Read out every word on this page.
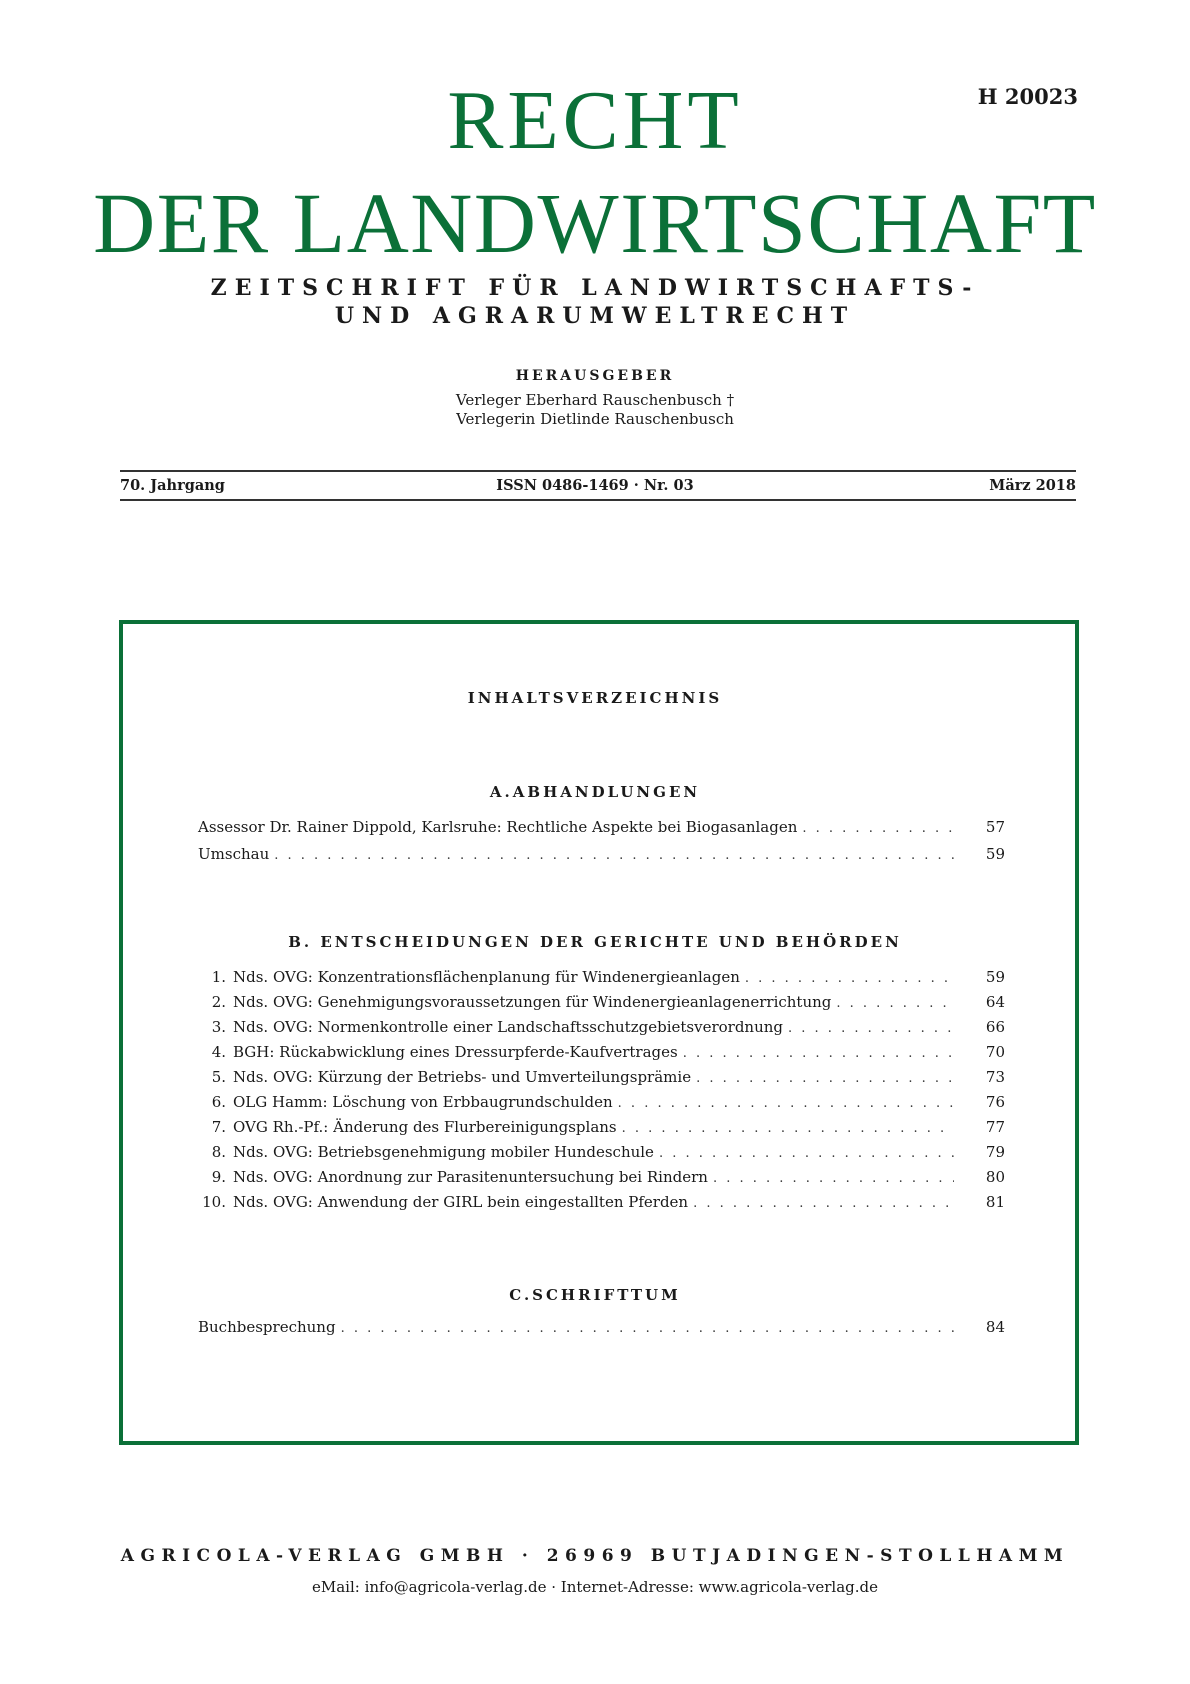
H 20023
RECHT
DER LANDWIRTSCHAFT
ZEITSCHRIFT FÜR LANDWIRTSCHAFTS-
UND AGRARUMWELTRECHT
HERAUSGEBER
Verleger Eberhard Rauschenbusch †
Verlegerin Dietlinde Rauschenbusch
70. Jahrgang	ISSN 0486-1469 · Nr. 03	März 2018
INHALTSVERZEICHNIS
A.ABHANDLUNGEN
Assessor Dr. Rainer Dippold, Karlsruhe: Rechtliche Aspekte bei Biogasanlagen . . .	57
Umschau . . .	59
B. ENTSCHEIDUNGEN DER GERICHTE UND BEHÖRDEN
1. Nds. OVG: Konzentrationsflächenplanung für Windenergieanlagen . . .	59
2. Nds. OVG: Genehmigungsvoraussetzungen für Windenergieanlagenerrichtung . . .	64
3. Nds. OVG: Normenkontrolle einer Landschaftsschutzgebietsverordnung . . .	66
4. BGH: Rückabwicklung eines Dressurpferde-Kaufvertrages . . .	70
5. Nds. OVG: Kürzung der Betriebs- und Umverteilungsprämie . . .	73
6. OLG Hamm: Löschung von Erbbaugrundschulden . . .	76
7. OVG Rh.-Pf.: Änderung des Flurbereinigungsplans . . .	77
8. Nds. OVG: Betriebsgenehmigung mobiler Hundeschule . . .	79
9. Nds. OVG: Anordnung zur Parasitenuntersuchung bei Rindern . . .	80
10. Nds. OVG: Anwendung der GIRL bein eingestallten Pferden . . .	81
C.SCHRIFTTUM
Buchbesprechung . . .	84
AGRICOLA-VERLAG GMBH · 26969 BUTJADINGEN-STOLLHAMM
eMail: info@agricola-verlag.de · Internet-Adresse: www.agricola-verlag.de
